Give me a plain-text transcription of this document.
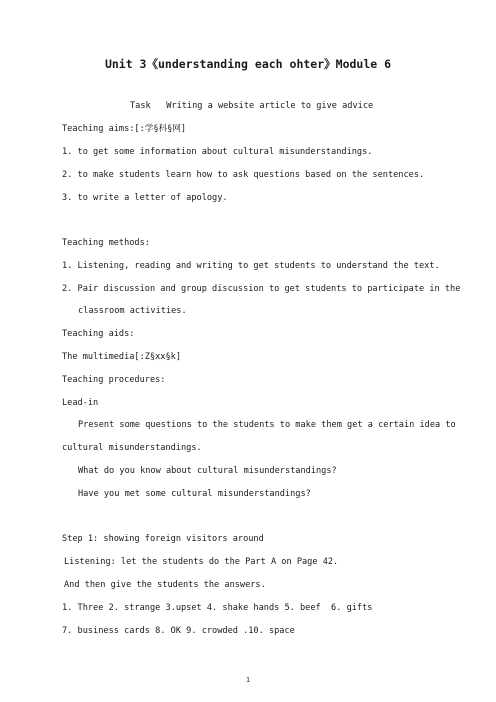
Unit 3《understanding each ohter》Module 6
Task   Writing a website article to give advice
Teaching aims:[:学§科§网]
1. to get some information about cultural misunderstandings.
2. to make students learn how to ask questions based on the sentences.
3. to write a letter of apology.
Teaching methods:
1. Listening, reading and writing to get students to understand the text.
2. Pair discussion and group discussion to get students to participate in the
classroom activities.
Teaching aids:
The multimedia[:Z§xx§k]
Teaching procedures:
Lead-in
Present some questions to the students to make them get a certain idea to
cultural misunderstandings.
What do you know about cultural misunderstandings?
Have you met some cultural misunderstandings?
Step 1: showing foreign visitors around
Listening: let the students do the Part A on Page 42.
And then give the students the answers.
1. Three 2. strange 3.upset 4. shake hands 5. beef  6. gifts
7. business cards 8. OK 9. crowded .10. space
1
